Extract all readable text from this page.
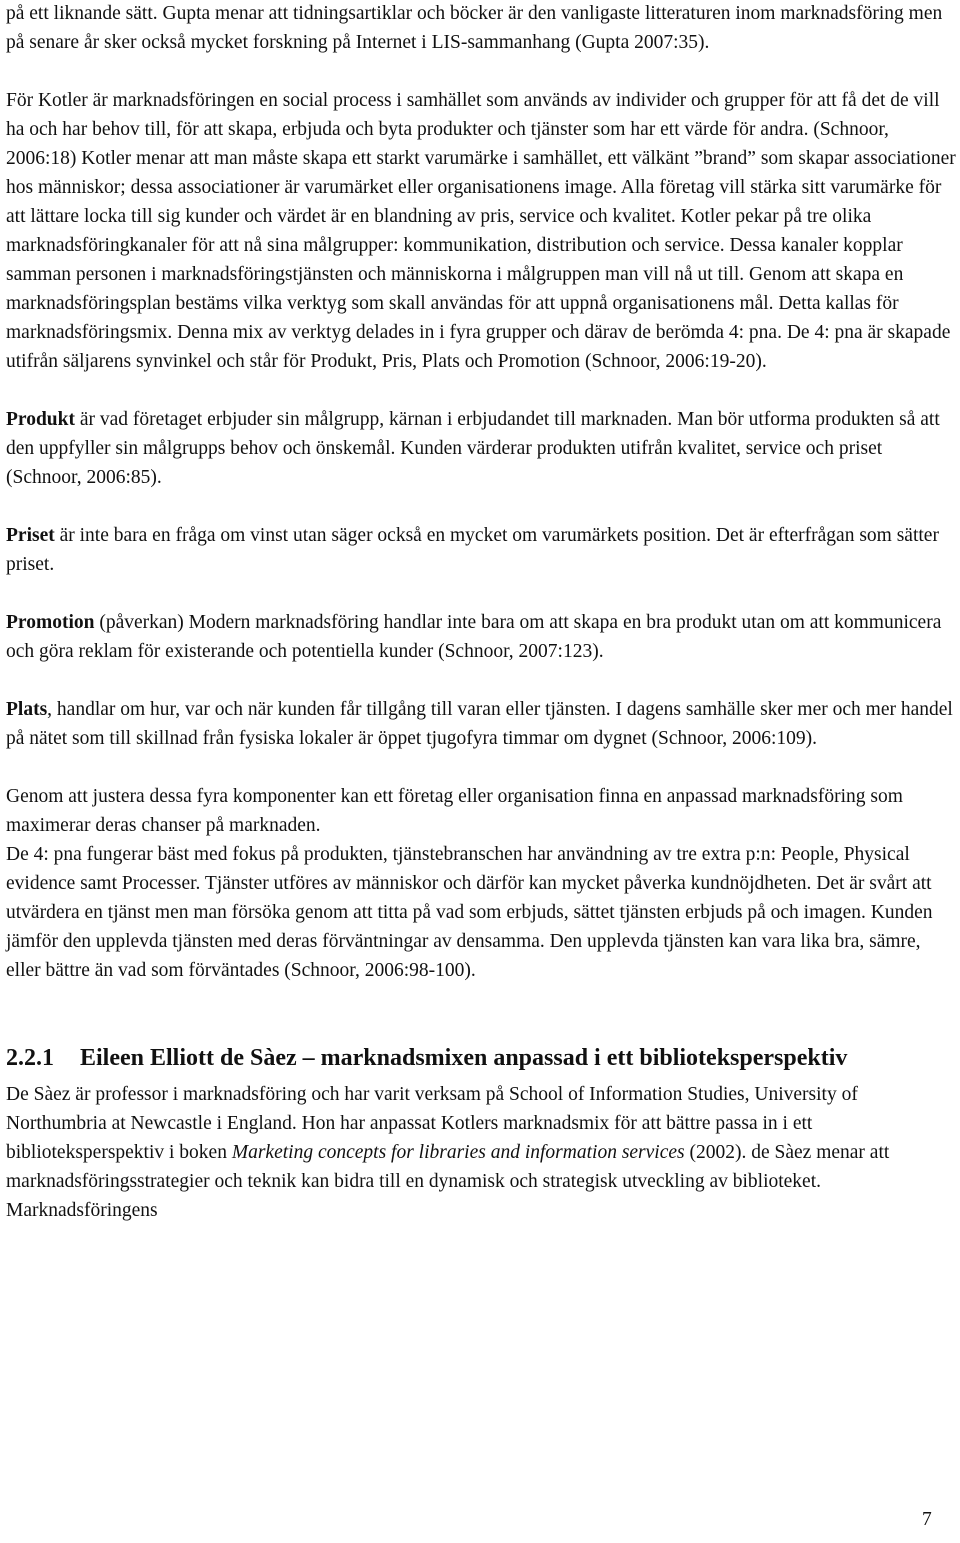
på ett liknande sätt. Gupta menar att tidningsartiklar och böcker är den vanligaste litteraturen inom marknadsföring men på senare år sker också mycket forskning på Internet i LIS-sammanhang (Gupta 2007:35).

För Kotler är marknadsföringen en social process i samhället som används av individer och grupper för att få det de vill ha och har behov till, för att skapa, erbjuda och byta produkter och tjänster som har ett värde för andra. (Schnoor, 2006:18) Kotler menar att man måste skapa ett starkt varumärke i samhället, ett välkänt ”brand” som skapar associationer hos människor; dessa associationer är varumärket eller organisationens image. Alla företag vill stärka sitt varumärke för att lättare locka till sig kunder och värdet är en blandning av pris, service och kvalitet. Kotler pekar på tre olika marknadsföringkanaler för att nå sina målgrupper: kommunikation, distribution och service. Dessa kanaler kopplar samman personen i marknadsföringstjänsten och människorna i målgruppen man vill nå ut till. Genom att skapa en marknadsföringsplan bestäms vilka verktyg som skall användas för att uppnå organisationens mål. Detta kallas för marknadsföringsmix. Denna mix av verktyg delades in i fyra grupper och därav de berömda 4: pna. De 4: pna är skapade utifrån säljarens synvinkel och står för Produkt, Pris, Plats och Promotion (Schnoor, 2006:19-20).

Produkt är vad företaget erbjuder sin målgrupp, kärnan i erbjudandet till marknaden. Man bör utforma produkten så att den uppfyller sin målgrupps behov och önskemål. Kunden värderar produkten utifrån kvalitet, service och priset (Schnoor, 2006:85).

Priset är inte bara en fråga om vinst utan säger också en mycket om varumärkets position. Det är efterfrågan som sätter priset.

Promotion (påverkan) Modern marknadsföring handlar inte bara om att skapa en bra produkt utan om att kommunicera och göra reklam för existerande och potentiella kunder (Schnoor, 2007:123).

Plats, handlar om hur, var och när kunden får tillgång till varan eller tjänsten. I dagens samhälle sker mer och mer handel på nätet som till skillnad från fysiska lokaler är öppet tjugofyra timmar om dygnet (Schnoor, 2006:109).

Genom att justera dessa fyra komponenter kan ett företag eller organisation finna en anpassad marknadsföring som maximerar deras chanser på marknaden.

De 4: pna fungerar bäst med fokus på produkten, tjänstebranschen har användning av tre extra p:n: People, Physical evidence samt Processer. Tjänster utföres av människor och därför kan mycket påverka kundnöjdheten. Det är svårt att utvärdera en tjänst men man försöka genom att titta på vad som erbjuds, sättet tjänsten erbjuds på och imagen. Kunden jämför den upplevda tjänsten med deras förväntningar av densamma. Den upplevda tjänsten kan vara lika bra, sämre, eller bättre än vad som förväntades (Schnoor, 2006:98-100).

2.2.1	Eileen Elliott de Sàez – marknadsmixen anpassad i ett biblioteksperspektiv

De Sàez är professor i marknadsföring och har varit verksam på School of Information Studies, University of Northumbria at Newcastle i England. Hon har anpassat Kotlers marknadsmix för att bättre passa in i ett biblioteksperspektiv i boken Marketing concepts for libraries and information services (2002). de Sàez menar att marknadsföringsstrategier och teknik kan bidra till en dynamisk och strategisk utveckling av biblioteket. Marknadsföringens

7
